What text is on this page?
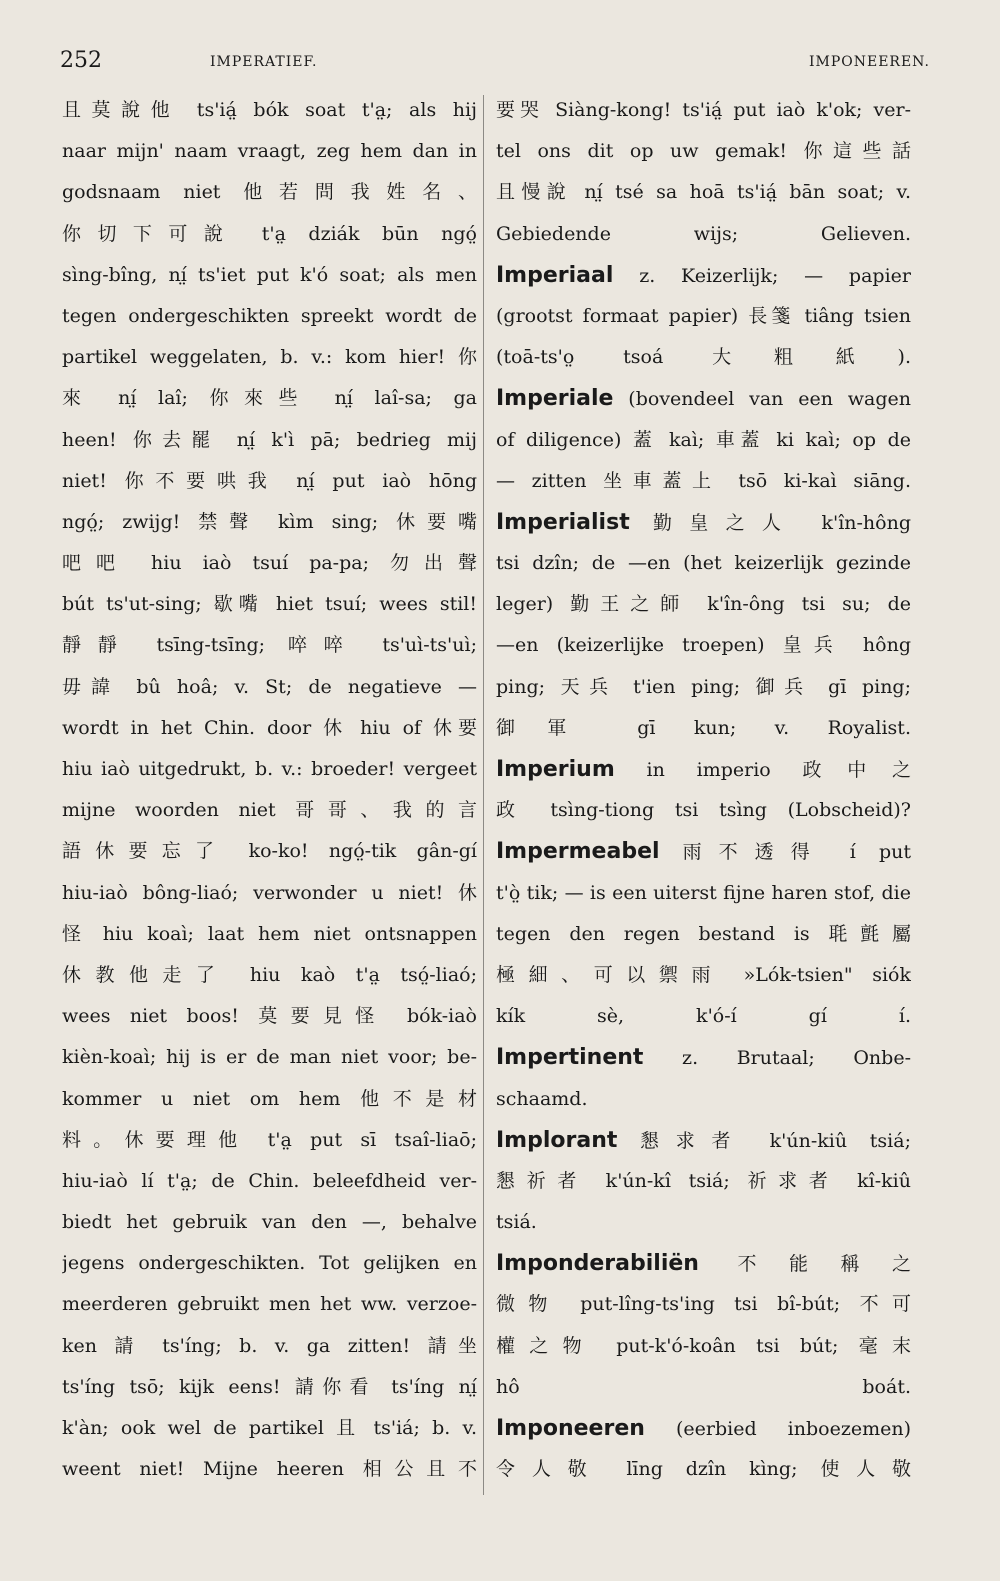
252	IMPERATIEF.	IMPONEEREN.
且莫說他 ts'iá̤ bók soat t'a̤; als hij
naar mijn' naam vraagt, zeg hem dan in
godsnaam niet 他若問我姓名、
你切下可說 t'a̤ dziák būn ngó̤
sìng-bîng, ní̤ ts'iet put k'ó soat; als men
tegen ondergeschikten spreekt wordt de
partikel weggelaten, b. v.: kom hier! 你
來 ní̤ laî; 你來些 ní̤ laî-sa; ga
heen! 你去罷 ní̤ k'ì pā; bedrieg mij
niet! 你不要哄我 ní̤ put iaò hōng
ngó̤; zwijg! 禁聲 kìm sing; 休要嘴
吧吧 hiu iaò tsuí pa-pa; 勿出聲
bút ts'ut-sing; 歇嘴 hiet tsuí; wees stil!
靜靜 tsīng-tsīng; 啐啐 ts'uì-ts'uì;
毋諱 bû hoâ; v. St; de negatieve —
wordt in het Chin. door 休 hiu of 休要
hiu iaò uitgedrukt, b. v.: broeder! vergeet
mijne woorden niet 哥哥、我的言
語休要忘了 ko-ko! ngó̤-tik gân-gí
hiu-iaò bông-liaó; verwonder u niet! 休
怪 hiu koaì; laat hem niet ontsnappen
休教他走了 hiu kaò t'a̤ tsó̤-liaó;
wees niet boos! 莫要見怪 bók-iaò
kièn-koaì; hij is er de man niet voor; be-
kommer u niet om hem 他不是材
料。休要理他 t'a̤ put sī tsaî-liaō;
hiu-iaò lí t'a̤; de Chin. beleefdheid ver-
biedt het gebruik van den —, behalve
jegens ondergeschikten. Tot gelijken en
meerderen gebruikt men het ww. verzoe-
ken 請 ts'íng; b. v. ga zitten! 請坐
ts'íng tsō; kijk eens! 請你看 ts'íng ní̤
k'àn; ook wel de partikel 且 ts'iá; b. v.
weent niet! Mijne heeren 相公且不
要哭 Siàng-kong! ts'iá̤ put iaò k'ok; ver-
tel ons dit op uw gemak! 你這些話
且慢說 ní̤ tsé sa hoā ts'iá̤ bān soat; v.
Gebiedende wijs; Gelieven.
Imperiaal z. Keizerlijk; — papier
(grootst formaat papier) 長箋 tiâng tsien
(toā-ts'o̤ tsoá 大粗紙).
Imperiale (bovendeel van een wagen
of diligence) 蓋 kaì; 車蓋 ki kaì; op de
— zitten 坐車蓋上 tsō ki-kaì siāng.
Imperialist 勤皇之人 k'în-hông
tsi dzîn; de —en (het keizerlijk gezinde
leger) 勤王之師 k'în-ông tsi su; de
—en (keizerlijke troepen) 皇兵 hông
ping; 天兵 t'ien ping; 御兵 gī ping;
御軍 gī kun; v. Royalist.
Imperium in imperio 政中之
政 tsìng-tiong tsi tsìng (Lobscheid)?
Impermeabel 雨不透得 í put
t'ò̤ tik; — is een uiterst fijne haren stof, die
tegen den regen bestand is 毦氈屬
極細、可以禦雨 »Lók-tsien" siók
kík sè, k'ó-í gí í.
Impertinent z. Brutaal; Onbe-
schaamd.
Implorant 懇求者 k'ún-kiû tsiá;
懇祈者 k'ún-kî tsiá; 祈求者 kî-kiû
tsiá.
Imponderabiliën 不能稱之
微物 put-lîng-ts'ing tsi bî-bút; 不可
權之物 put-k'ó-koân tsi bút; 毫末
hô boát.
Imponeeren (eerbied inboezemen)
令人敬 līng dzîn kìng; 使人敬
